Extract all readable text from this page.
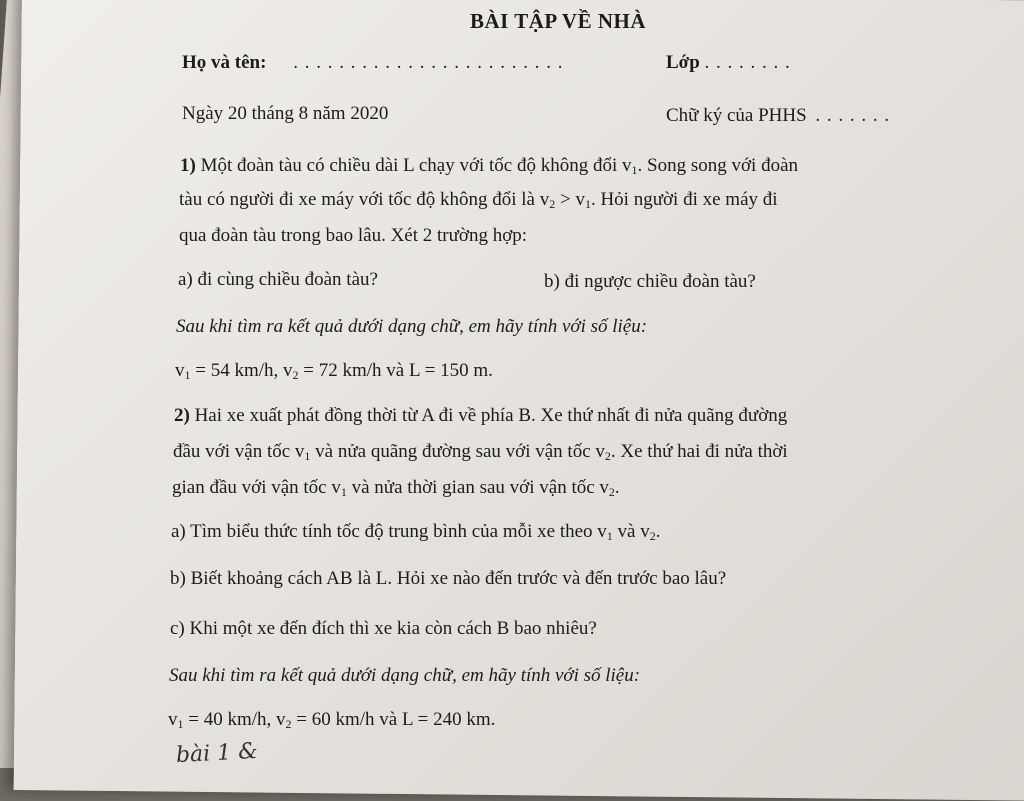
BÀI TẬP VỀ NHÀ
Họ và tên: . . . . . . . . . . . . . . . . . . . . . . . .	Lớp . . . . . . . .
Ngày 20 tháng 8 năm 2020	Chữ ký của PHHS . . . . . . .
1) Một đoàn tàu có chiều dài L chạy với tốc độ không đổi $v_1$. Song song với đoàn
tàu có người đi xe máy với tốc độ không đổi là $v_2 > v_1$. Hỏi người đi xe máy đi
qua đoàn tàu trong bao lâu. Xét 2 trường hợp:
a) đi cùng chiều đoàn tàu?	b) đi ngược chiều đoàn tàu?
Sau khi tìm ra kết quả dưới dạng chữ, em hãy tính với số liệu:
$v_1 = 54$ km/h, $v_2 = 72$ km/h và L = 150 m.
2) Hai xe xuất phát đồng thời từ A đi về phía B. Xe thứ nhất đi nửa quãng đường
đầu với vận tốc $v_1$ và nửa quãng đường sau với vận tốc $v_2$. Xe thứ hai đi nửa thời
gian đầu với vận tốc $v_1$ và nửa thời gian sau với vận tốc $v_2$.
a) Tìm biểu thức tính tốc độ trung bình của mỗi xe theo $v_1$ và $v_2$.
b) Biết khoảng cách AB là L. Hỏi xe nào đến trước và đến trước bao lâu?
c) Khi một xe đến đích thì xe kia còn cách B bao nhiêu?
Sau khi tìm ra kết quả dưới dạng chữ, em hãy tính với số liệu:
$v_1 = 40$ km/h, $v_2 = 60$ km/h và L = 240 km.
bài 1 &
